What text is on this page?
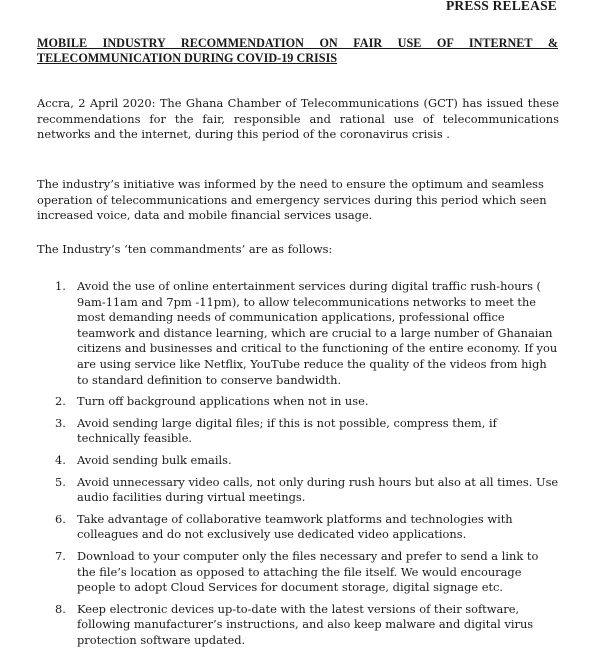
PRESS RELEASE
MOBILE INDUSTRY RECOMMENDATION ON FAIR USE OF INTERNET &
TELECOMMUNICATION DURING COVID-19 CRISIS

Accra, 2 April 2020: The Ghana Chamber of Telecommunications (GCT) has issued these recommendations for the fair, responsible and rational use of telecommunications networks and the internet, during this period of the coronavirus crisis .

The industry’s initiative was informed by the need to ensure the optimum and seamless operation of telecommunications and emergency services during this period which seen increased voice, data and mobile financial services usage.

The Industry’s ‘ten commandments’ are as follows:

1. Avoid the use of online entertainment services during digital traffic rush-hours ( 9am-11am and 7pm -11pm), to allow telecommunications networks to meet the most demanding needs of communication applications, professional office teamwork and distance learning, which are crucial to a large number of Ghanaian citizens and businesses and critical to the functioning of the entire economy. If you are using service like Netflix, YouTube reduce the quality of the videos from high to standard definition to conserve bandwidth.
2. Turn off background applications when not in use.
3. Avoid sending large digital files; if this is not possible, compress them, if technically feasible.
4. Avoid sending bulk emails.
5. Avoid unnecessary video calls, not only during rush hours but also at all times. Use audio facilities during virtual meetings.
6. Take advantage of collaborative teamwork platforms and technologies with colleagues and do not exclusively use dedicated video applications.
7. Download to your computer only the files necessary and prefer to send a link to the file’s location as opposed to attaching the file itself. We would encourage people to adopt Cloud Services for document storage, digital signage etc.
8. Keep electronic devices up-to-date with the latest versions of their software, following manufacturer’s instructions, and also keep malware and digital virus protection software updated.
